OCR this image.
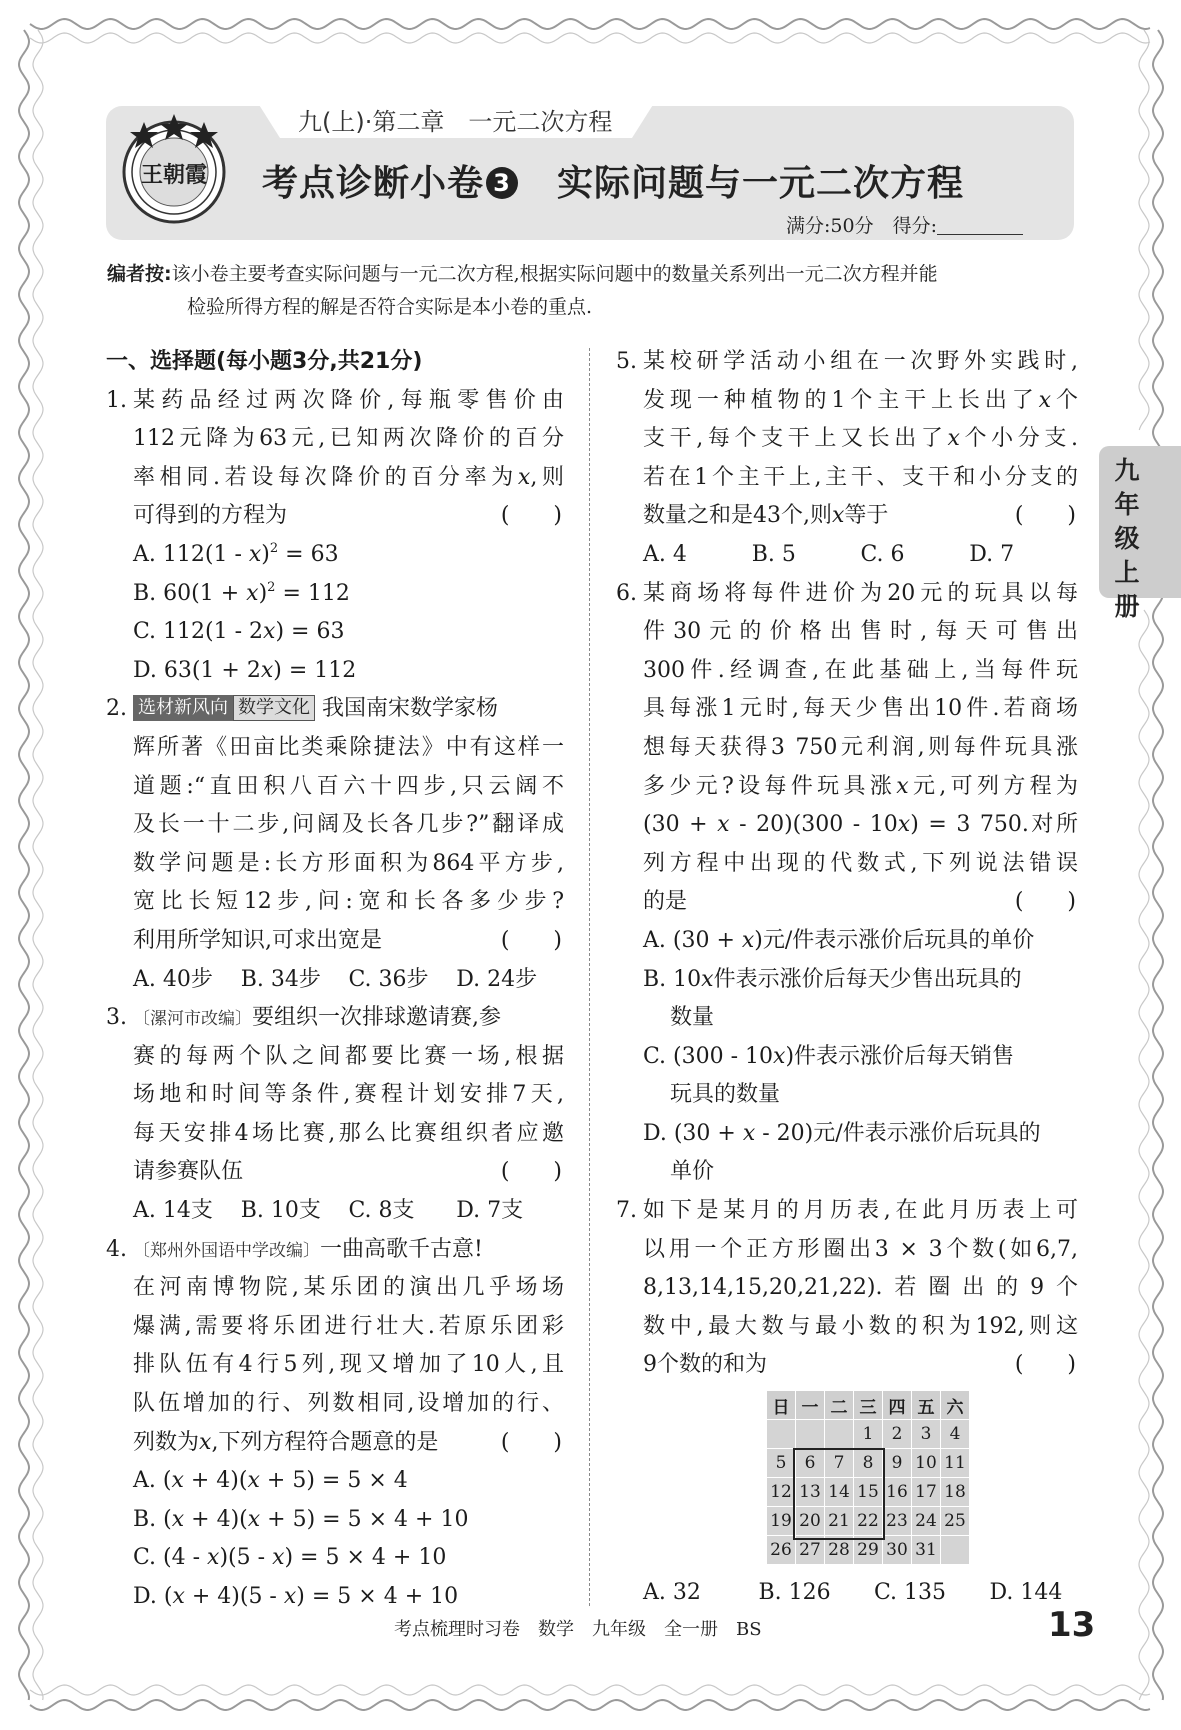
九(上)·第二章　一元二次方程
王朝霞 考点诊断小卷 3　实际问题与一元二次方程
满分:50分　得分:
编者按:该小卷主要考查实际问题与一元二次方程,根据实际问题中的数量关系列出一元二次方程并能
检验所得方程的解是否符合实际是本小卷的重点.
一、选择题(每小题3分,共21分)
1. 某药品经过两次降价,每瓶零售价由
112元降为63元,已知两次降价的百分
率相同.若设每次降价的百分率为x,则
可得到的方程为	(　　)
A. 112(1 - x)$^2$ = 63
B. $60(1 + x)^2 = 112$
C. 112(1 - 2x) = 63
D. 63(1 + 2x) = 112
2. 选材新风向 数学文化 我国南宋数学家杨
辉所著《田亩比类乘除捷法》中有这样一
道题:“直田积八百六十四步,只云阔不
及长一十二步,问阔及长各几步?”翻译成
数学问题是:长方形面积为864平方步,
宽比长短12步,问:宽和长各多少步?
利用所学知识,可求出宽是	(　　)
A. 40步	B. 34步	C. 36步	D. 24步
3. 〔漯河市改编〕要组织一次排球邀请赛,参
赛的每两个队之间都要比赛一场,根据
场地和时间等条件,赛程计划安排7天,
每天安排4场比赛,那么比赛组织者应邀
请参赛队伍	(　　)
A. 14支	B. 10支	C. 8支	D. 7支
4. 〔郑州外国语中学改编〕一曲高歌千古意!
在河南博物院,某乐团的演出几乎场场
爆满,需要将乐团进行壮大.若原乐团彩
排队伍有4行5列,现又增加了10人,且
队伍增加的行、列数相同,设增加的行、
列数为x,下列方程符合题意的是	(　　)
A. (x + 4)(x + 5) = 5 × 4
B. (x + 4)(x + 5) = 5 × 4 + 10
C. (4 - x)(5 - x) = 5 × 4 + 10
D. (x + 4)(5 - x) = 5 × 4 + 10
5. 某校研学活动小组在一次野外实践时,
发现一种植物的1个主干上长出了x个
支干,每个支干上又长出了x个小分支.
若在1个主干上,主干、支干和小分支的
数量之和是43个,则x等于	(　　)
A. 4	B. 5	C. 6	D. 7
6. 某商场将每件进价为20元的玩具以每
件30元的价格出售时,每天可售出
300件.经调查,在此基础上,当每件玩
具每涨1元时,每天少售出10件.若商场
想每天获得3 750元利润,则每件玩具涨
多少元?设每件玩具涨x元,可列方程为
(30 + x - 20)(300 - 10x) = 3 750.对所
列方程中出现的代数式,下列说法错误
的是	(　　)
A. (30 + x)元/件表示涨价后玩具的单价
B. 10x件表示涨价后每天少售出玩具的
数量
C. (300 - 10x)件表示涨价后每天销售
玩具的数量
D. (30 + x - 20)元/件表示涨价后玩具的
单价
7. 如下是某月的月历表,在此月历表上可
以用一个正方形圈出3 × 3个数(如6,7,
8,13,14,15,20,21,22).若圈出的9个
数中,最大数与最小数的积为192,则这
9个数的和为	(　　)
日	一	二	三	四	五	六
			1	2	3	4
5	6	7	8	9	10	11
12	13	14	15	16	17	18
19	20	21	22	23	24	25
26	27	28	29	30	31	
A. 32	B. 126	C. 135	D. 144
九年级上册
考点梳理时习卷　数学　九年级　全一册　BS	13
